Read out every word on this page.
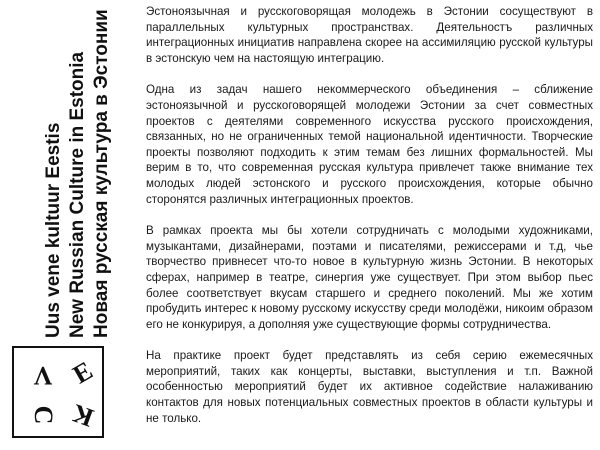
Uus vene kultuur Eestis New Russian Culture in Estonia Новая русская культура в Эстонии
V E
C K

Эстоноязычная и русскоговорящая молодежь в Эстонии сосуществуют в параллельных культурных пространствах. Деятельностъ различных интеграционных инициатив направлена скорее на ассимиляцию русской культуры в эстонскую чем на настоящую интеграцию.

Одна из задач нашего некоммерческого объединения – сближение эстоноязычной и русскоговорящей молодежи Эстонии за счет совместных проектов с деятелями современного искусства русского происхождения, связанных, но не ограниченных темой национальной идентичности. Творческие проекты позволяют подходить к этим темам без лишних формальностей. Мы верим в то, что современная русская культура привлечет также внимание тех молодых людей эстонского и русского происхождения, которые обычно сторонятся различных интеграционных проектов.

В рамках проекта мы бы хотели сотрудничать с молодыми художниками, музыкантами, дизайнерами, поэтами и писателями, режиссерами и т.д, чье творчество привнесет что-то новое в культурную жизнь Эстонии. В некоторых сферах, например в театре, синергия уже существует. При этом выбор пьес более соответствует вкусам старшего и среднего поколений. Мы же хотим пробудить интерес к новому русскому искусству среди молодёжи, никоим образом его не конкурируя, а дополняя уже существующие формы сотрудничества.

На практике проект будет представлять из себя серию ежемесячных мероприятий, таких как концерты, выставки, выступления и т.п. Важной особенностью мероприятий будет их активное содействие налаживанию контактов для новых потенциальных совместных проектов в области культуры и не только.
